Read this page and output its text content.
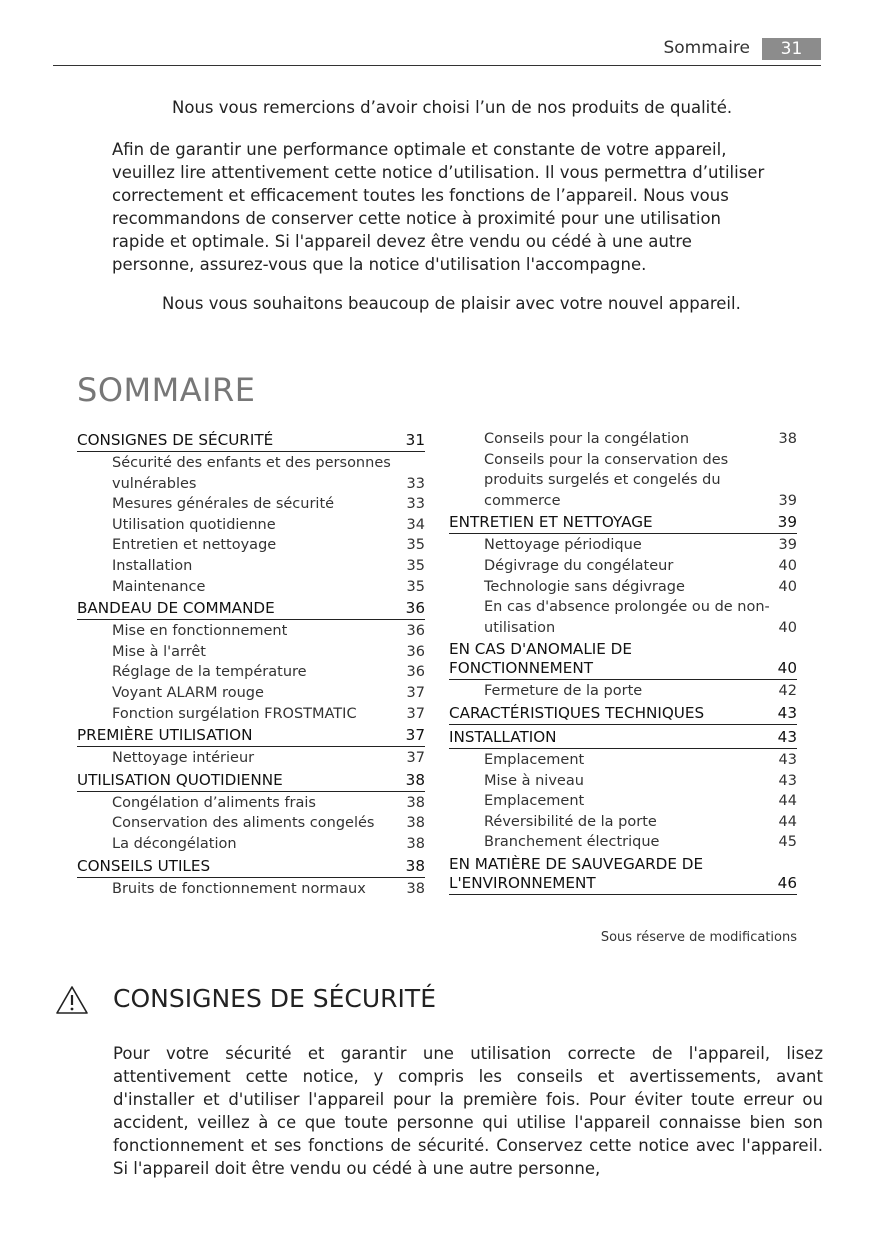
Sommaire	31

Nous vous remercions d’avoir choisi l’un de nos produits de qualité.

Afin de garantir une performance optimale et constante de votre appareil, veuillez lire attentivement cette notice d’utilisation. Il vous permettra d’utiliser correctement et efficacement toutes les fonctions de l’appareil. Nous vous recommandons de conserver cette notice à proximité pour une utilisation rapide et optimale. Si l'appareil devez être vendu ou cédé à une autre personne, assurez-vous que la notice d'utilisation l'accompagne.

Nous vous souhaitons beaucoup de plaisir avec votre nouvel appareil.

SOMMAIRE
CONSIGNES DE SÉCURITÉ	31
Sécurité des enfants et des personnes vulnérables	33
Mesures générales de sécurité	33
Utilisation quotidienne	34
Entretien et nettoyage	35
Installation	35
Maintenance	35
BANDEAU DE COMMANDE	36
Mise en fonctionnement	36
Mise à l'arrêt	36
Réglage de la température	36
Voyant ALARM rouge	37
Fonction surgélation FROSTMATIC	37
PREMIÈRE UTILISATION	37
Nettoyage intérieur	37
UTILISATION QUOTIDIENNE	38
Congélation d’aliments frais	38
Conservation des aliments congelés	38
La décongélation	38
CONSEILS UTILES	38
Bruits de fonctionnement normaux	38
Conseils pour la congélation	38
Conseils pour la conservation des produits surgelés et congelés du commerce	39
ENTRETIEN ET NETTOYAGE	39
Nettoyage périodique	39
Dégivrage du congélateur	40
Technologie sans dégivrage	40
En cas d'absence prolongée ou de non-utilisation	40
EN CAS D'ANOMALIE DE FONCTIONNEMENT	40
Fermeture de la porte	42
CARACTÉRISTIQUES TECHNIQUES	43
INSTALLATION	43
Emplacement	43
Mise à niveau	43
Emplacement	44
Réversibilité de la porte	44
Branchement électrique	45
EN MATIÈRE DE SAUVEGARDE DE L'ENVIRONNEMENT	46
Sous réserve de modifications
CONSIGNES DE SÉCURITÉ

Pour votre sécurité et garantir une utilisation correcte de l'appareil, lisez attentivement cette notice, y compris les conseils et avertissements, avant d'installer et d'utiliser l'appareil pour la première fois. Pour éviter toute erreur ou accident, veillez à ce que toute personne qui utilise l'appareil connaisse bien son fonctionnement et ses fonctions de sécurité. Conservez cette notice avec l'appareil. Si l'appareil doit être vendu ou cédé à une autre personne,
